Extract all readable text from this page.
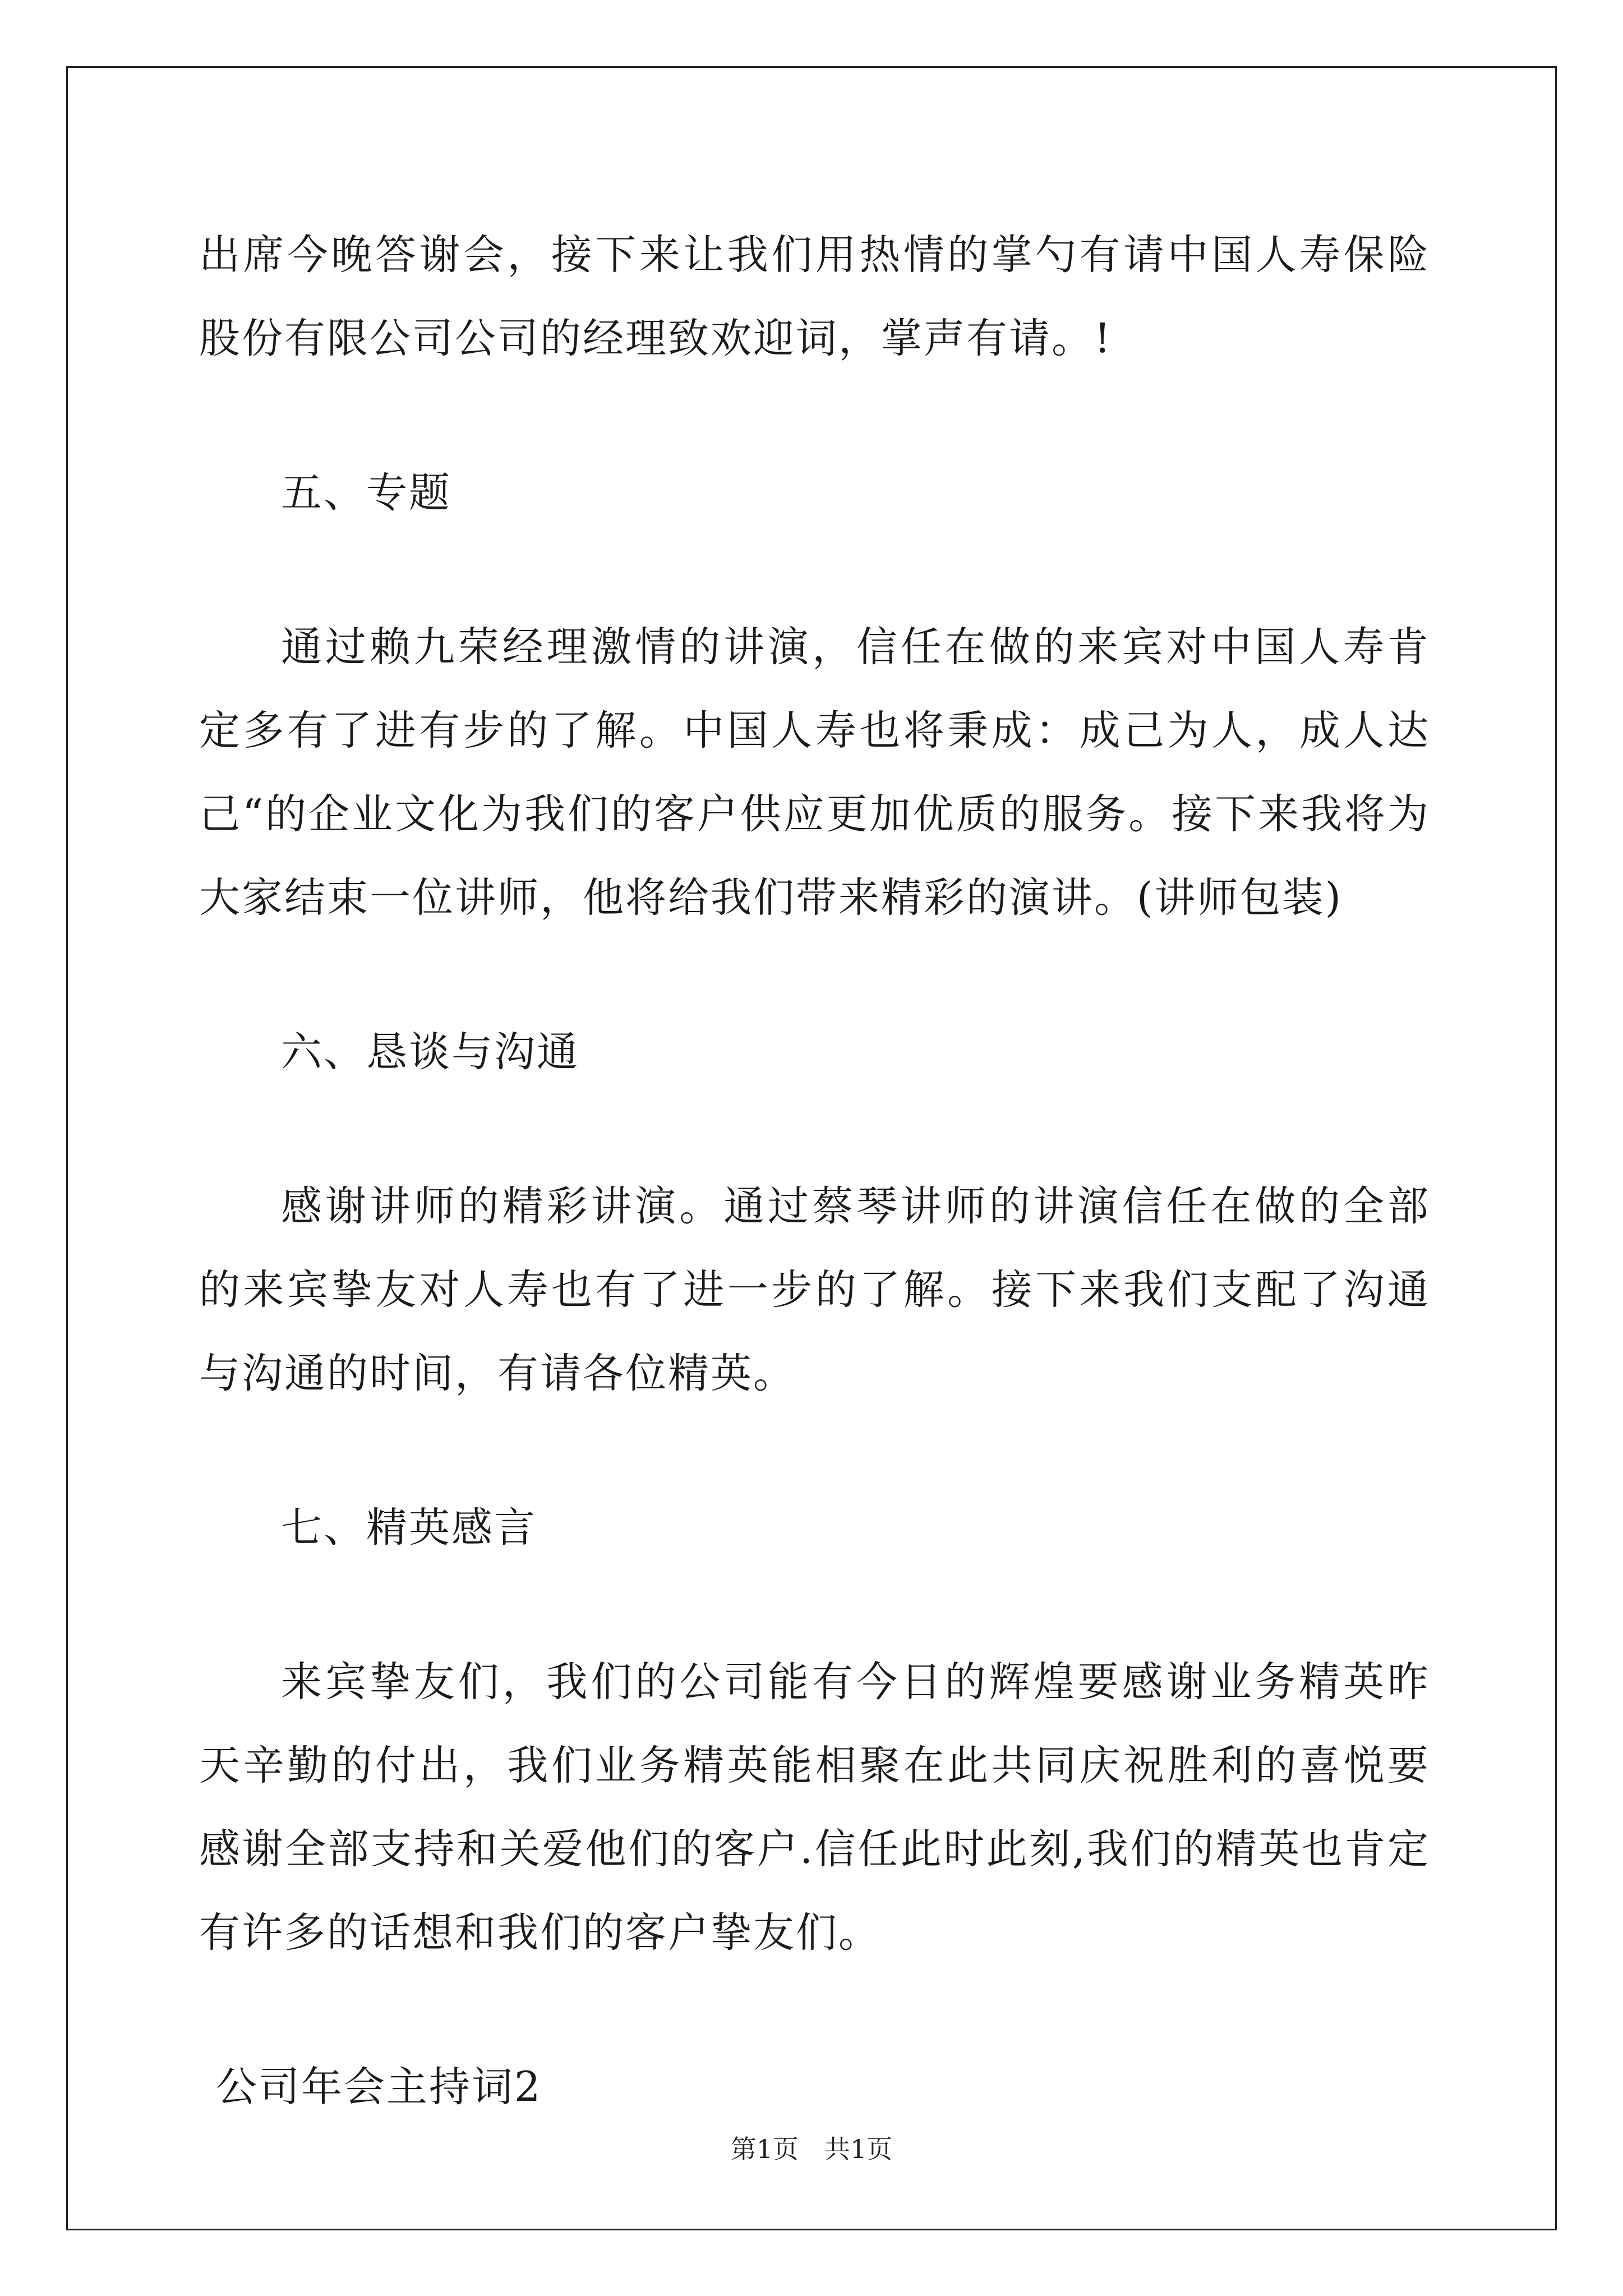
出席今晚答谢会，接下来让我们用热情的掌勺有请中国人寿保险股份有限公司公司的经理致欢迎词，掌声有请。!

五、专题

通过赖九荣经理激情的讲演，信任在做的来宾对中国人寿肯定多有了进有步的了解。中国人寿也将秉成：成己为人，成人达己“的企业文化为我们的客户供应更加优质的服务。接下来我将为大家结束一位讲师，他将给我们带来精彩的演讲。(讲师包装)

六、恳谈与沟通

感谢讲师的精彩讲演。通过蔡琴讲师的讲演信任在做的全部的来宾挚友对人寿也有了进一步的了解。接下来我们支配了沟通与沟通的时间，有请各位精英。

七、精英感言

来宾挚友们，我们的公司能有今日的辉煌要感谢业务精英昨天辛勤的付出，我们业务精英能相聚在此共同庆祝胜利的喜悦要感谢全部支持和关爱他们的客户.信任此时此刻,我们的精英也肯定有许多的话想和我们的客户挚友们。

公司年会主持词2

第1页　共1页
